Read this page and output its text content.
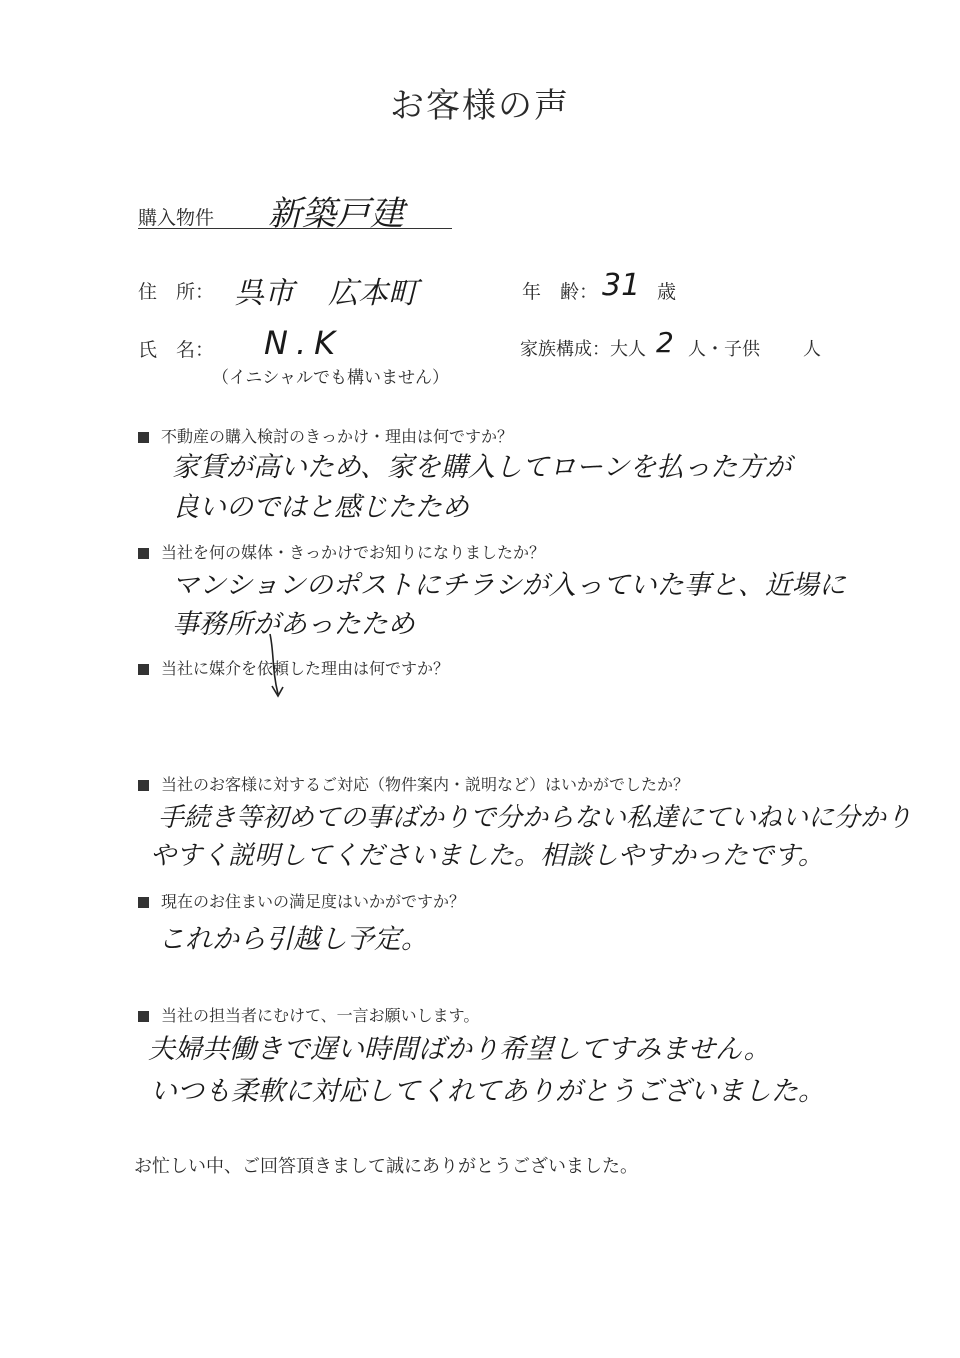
お客様の声
購入物件 新築戸建
住　所： 呉市 広本町	年　齢： 31 歳
氏　名： N.K
（イニシャルでも構いません）
家族構成：大人 2 人・子供 人
不動産の購入検討のきっかけ・理由は何ですか？
家賃が高いため、家を購入してローンを払った方が
良いのではと感じたため
当社を何の媒体・きっかけでお知りになりましたか？
マンションのポストにチラシが入っていた事と、近場に
事務所があったため
当社に媒介を依頼した理由は何ですか？
当社のお客様に対するご対応（物件案内・説明など）はいかがでしたか？
手続き等初めての事ばかりで分からない私達にていねいに分かり
やすく説明してくださいました。相談しやすかったです。
現在のお住まいの満足度はいかがですか？
これから引越し予定。
当社の担当者にむけて、一言お願いします。
夫婦共働きで遅い時間ばかり希望してすみません。
いつも柔軟に対応してくれてありがとうございました。
お忙しい中、ご回答頂きまして誠にありがとうございました。
